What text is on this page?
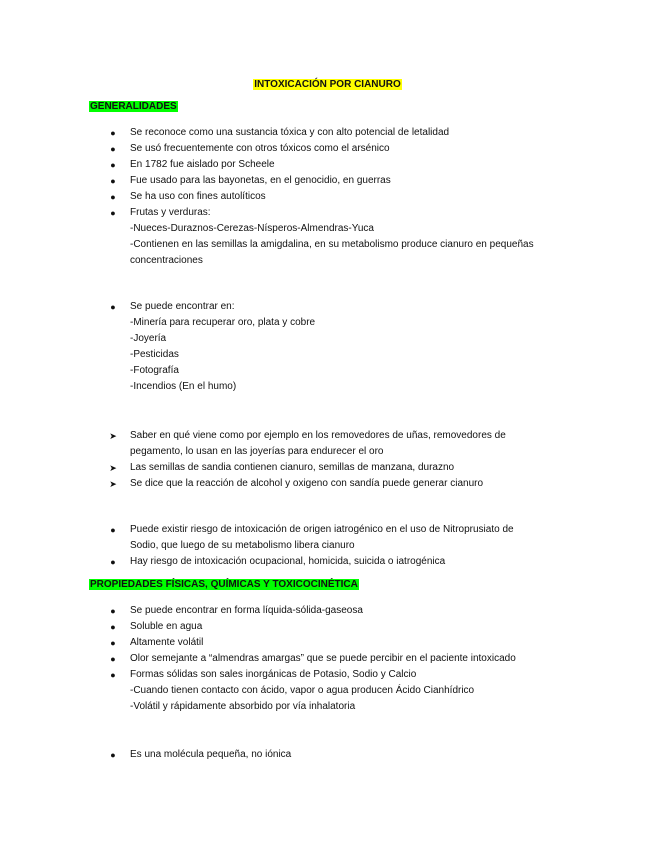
INTOXICACIÓN POR CIANURO
GENERALIDADES
● Se reconoce como una sustancia tóxica y con alto potencial de letalidad
● Se usó frecuentemente con otros tóxicos como el arsénico
● En 1782 fue aislado por Scheele
● Fue usado para las bayonetas, en el genocidio, en guerras
● Se ha uso con fines autolíticos
● Frutas y verduras:
-Nueces-Duraznos-Cerezas-Nísperos-Almendras-Yuca
-Contienen en las semillas la amigdalina, en su metabolismo produce cianuro en pequeñas
concentraciones
● Se puede encontrar en:
-Minería para recuperar oro, plata y cobre
-Joyería
-Pesticidas
-Fotografía
-Incendios (En el humo)
➤ Saber en qué viene como por ejemplo en los removedores de uñas, removedores de
pegamento, lo usan en las joyerías para endurecer el oro
➤ Las semillas de sandia contienen cianuro, semillas de manzana, durazno
➤ Se dice que la reacción de alcohol y oxigeno con sandía puede generar cianuro
● Puede existir riesgo de intoxicación de origen iatrogénico en el uso de Nitroprusiato de
Sodio, que luego de su metabolismo libera cianuro
● Hay riesgo de intoxicación ocupacional, homicida, suicida o iatrogénica
PROPIEDADES FÍSICAS, QUÍMICAS Y TOXICOCINÉTICA
● Se puede encontrar en forma líquida-sólida-gaseosa
● Soluble en agua
● Altamente volátil
● Olor semejante a “almendras amargas” que se puede percibir en el paciente intoxicado
● Formas sólidas son sales inorgánicas de Potasio, Sodio y Calcio
-Cuando tienen contacto con ácido, vapor o agua producen Ácido Cianhídrico
-Volátil y rápidamente absorbido por vía inhalatoria
● Es una molécula pequeña, no iónica
